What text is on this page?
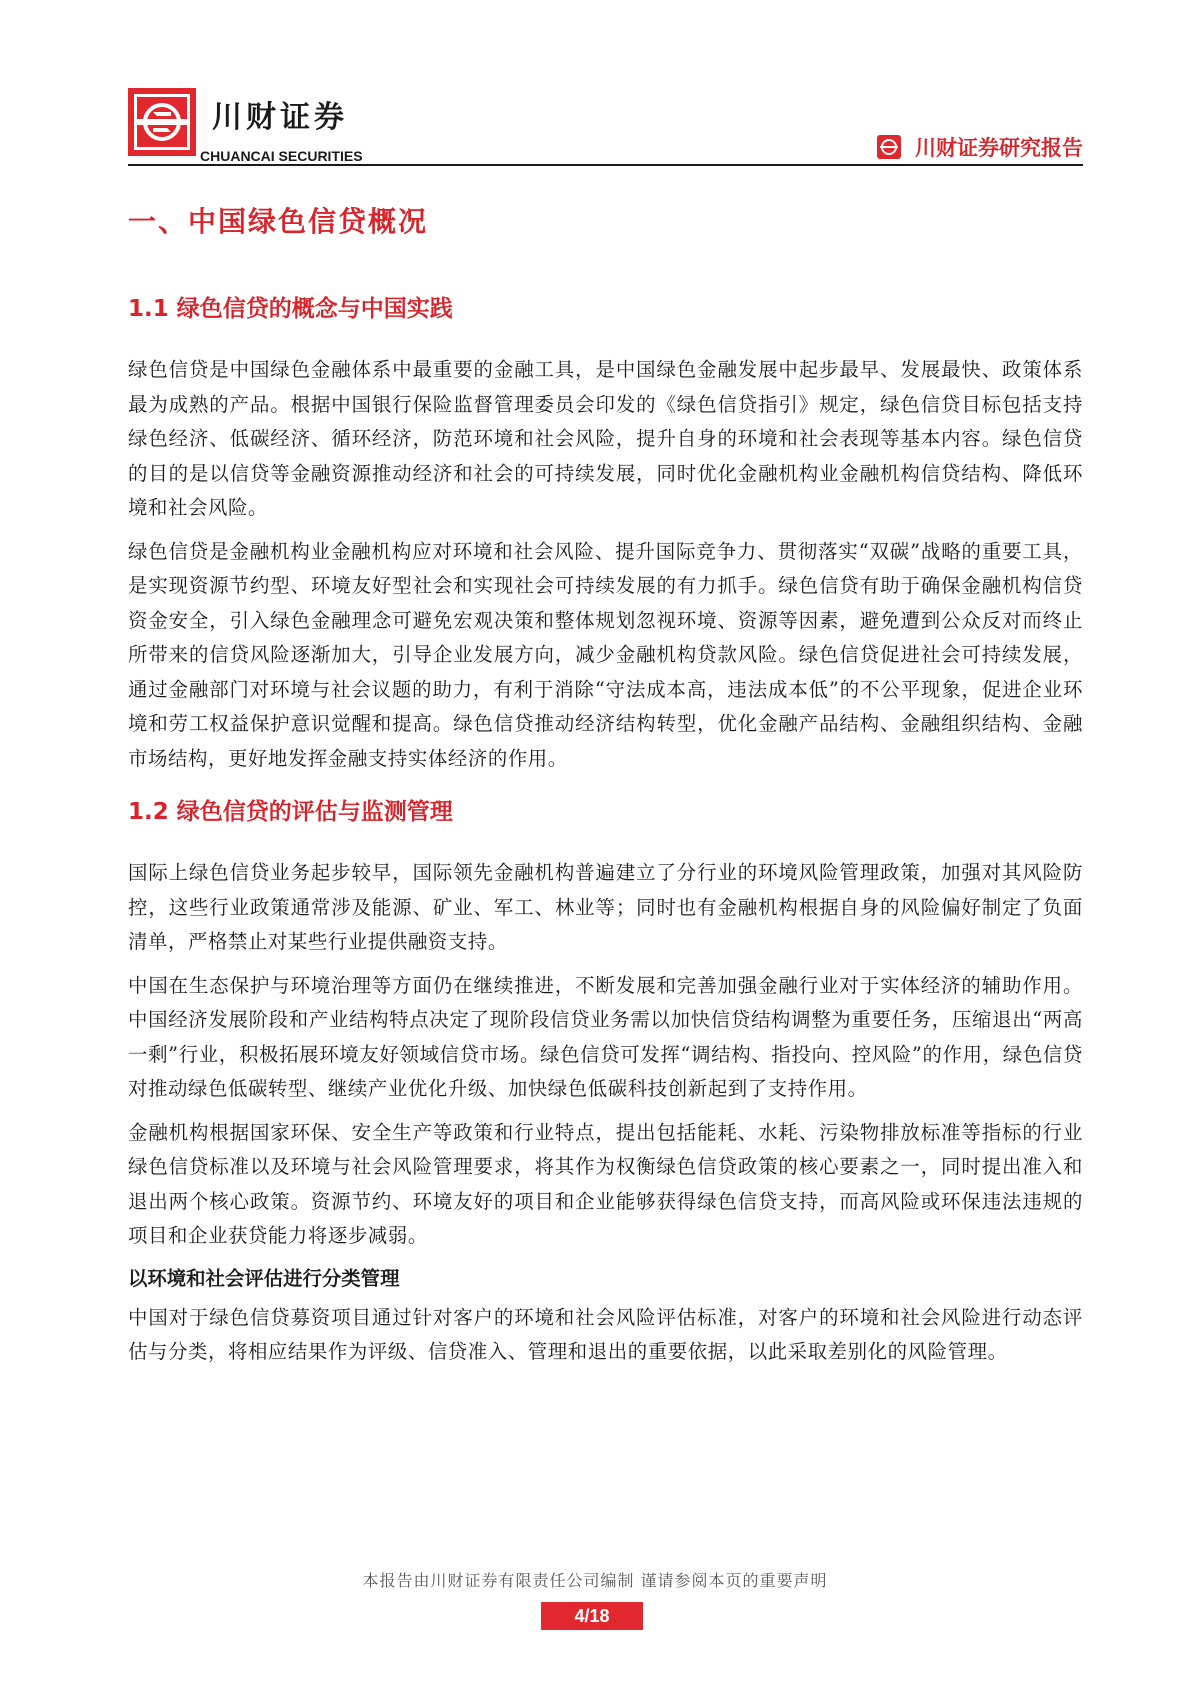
川财证券
CHUANCAI SECURITIES	川财证券研究报告
一、中国绿色信贷概况
1.1 绿色信贷的概念与中国实践

绿色信贷是中国绿色金融体系中最重要的金融工具，是中国绿色金融发展中起步最早、发展最快、政策体系最为成熟的产品。根据中国银行保险监督管理委员会印发的《绿色信贷指引》规定，绿色信贷目标包括支持绿色经济、低碳经济、循环经济，防范环境和社会风险，提升自身的环境和社会表现等基本内容。绿色信贷的目的是以信贷等金融资源推动经济和社会的可持续发展，同时优化金融机构业金融机构信贷结构、降低环境和社会风险。

绿色信贷是金融机构业金融机构应对环境和社会风险、提升国际竞争力、贯彻落实“双碳”战略的重要工具，是实现资源节约型、环境友好型社会和实现社会可持续发展的有力抓手。绿色信贷有助于确保金融机构信贷资金安全，引入绿色金融理念可避免宏观决策和整体规划忽视环境、资源等因素，避免遭到公众反对而终止所带来的信贷风险逐渐加大，引导企业发展方向，减少金融机构贷款风险。绿色信贷促进社会可持续发展，通过金融部门对环境与社会议题的助力，有利于消除“守法成本高，违法成本低”的不公平现象，促进企业环境和劳工权益保护意识觉醒和提高。绿色信贷推动经济结构转型，优化金融产品结构、金融组织结构、金融市场结构，更好地发挥金融支持实体经济的作用。

1.2 绿色信贷的评估与监测管理

国际上绿色信贷业务起步较早，国际领先金融机构普遍建立了分行业的环境风险管理政策，加强对其风险防控，这些行业政策通常涉及能源、矿业、军工、林业等；同时也有金融机构根据自身的风险偏好制定了负面清单，严格禁止对某些行业提供融资支持。

中国在生态保护与环境治理等方面仍在继续推进，不断发展和完善加强金融行业对于实体经济的辅助作用。中国经济发展阶段和产业结构特点决定了现阶段信贷业务需以加快信贷结构调整为重要任务，压缩退出“两高一剩”行业，积极拓展环境友好领域信贷市场。绿色信贷可发挥“调结构、指投向、控风险”的作用，绿色信贷对推动绿色低碳转型、继续产业优化升级、加快绿色低碳科技创新起到了支持作用。

金融机构根据国家环保、安全生产等政策和行业特点，提出包括能耗、水耗、污染物排放标准等指标的行业绿色信贷标准以及环境与社会风险管理要求，将其作为权衡绿色信贷政策的核心要素之一，同时提出准入和退出两个核心政策。资源节约、环境友好的项目和企业能够获得绿色信贷支持，而高风险或环保违法违规的项目和企业获贷能力将逐步减弱。

以环境和社会评估进行分类管理

中国对于绿色信贷募资项目通过针对客户的环境和社会风险评估标准，对客户的环境和社会风险进行动态评估与分类，将相应结果作为评级、信贷准入、管理和退出的重要依据，以此采取差别化的风险管理。

本报告由川财证券有限责任公司编制 谨请参阅本页的重要声明
4/18
